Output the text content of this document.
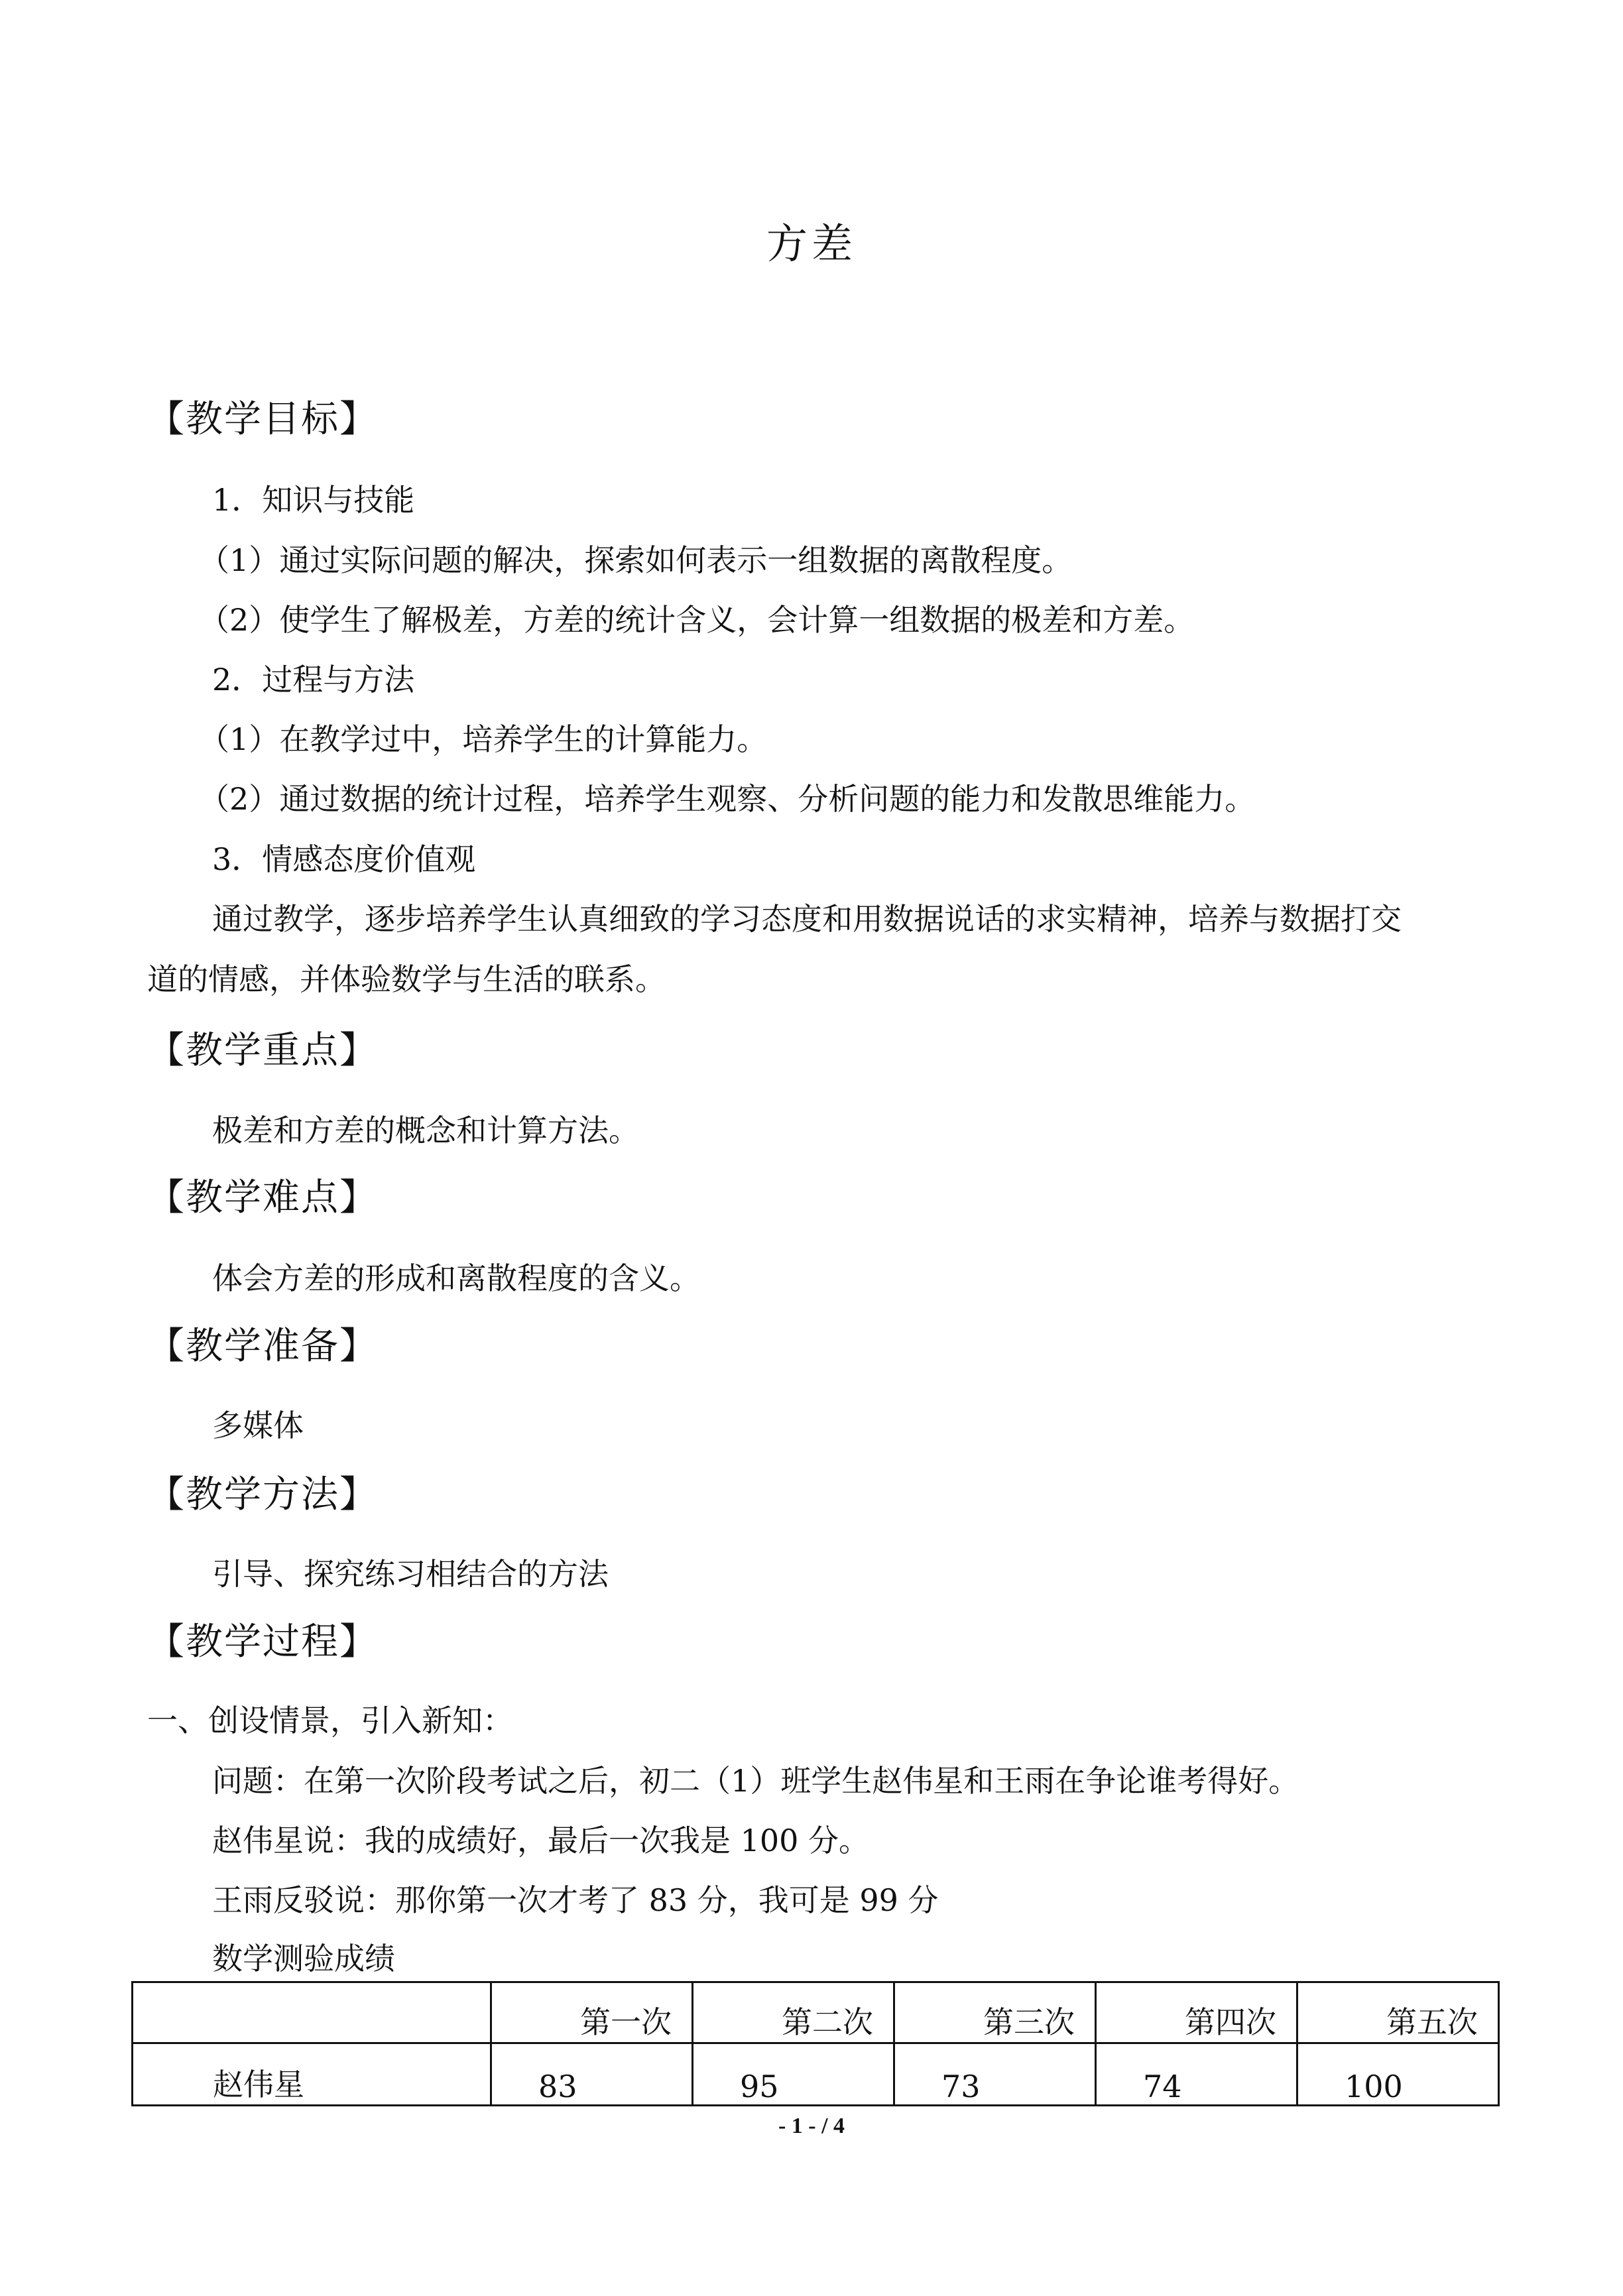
方差
【教学目标】
1．知识与技能
（1）通过实际问题的解决，探索如何表示一组数据的离散程度。
（2）使学生了解极差，方差的统计含义，会计算一组数据的极差和方差。
2．过程与方法
（1）在教学过中，培养学生的计算能力。
（2）通过数据的统计过程，培养学生观察、分析问题的能力和发散思维能力。
3．情感态度价值观
通过教学，逐步培养学生认真细致的学习态度和用数据说话的求实精神，培养与数据打交
道的情感，并体验数学与生活的联系。
【教学重点】
极差和方差的概念和计算方法。
【教学难点】
体会方差的形成和离散程度的含义。
【教学准备】
多媒体
【教学方法】
引导、探究练习相结合的方法
【教学过程】
一、创设情景，引入新知：
问题：在第一次阶段考试之后，初二（1）班学生赵伟星和王雨在争论谁考得好。
赵伟星说：我的成绩好，最后一次我是 100 分。
王雨反驳说：那你第一次才考了 83 分，我可是 99 分
数学测验成绩
	第一次	第二次	第三次	第四次	第五次
赵伟星	83	95	73	74	100
- 1 - / 4
